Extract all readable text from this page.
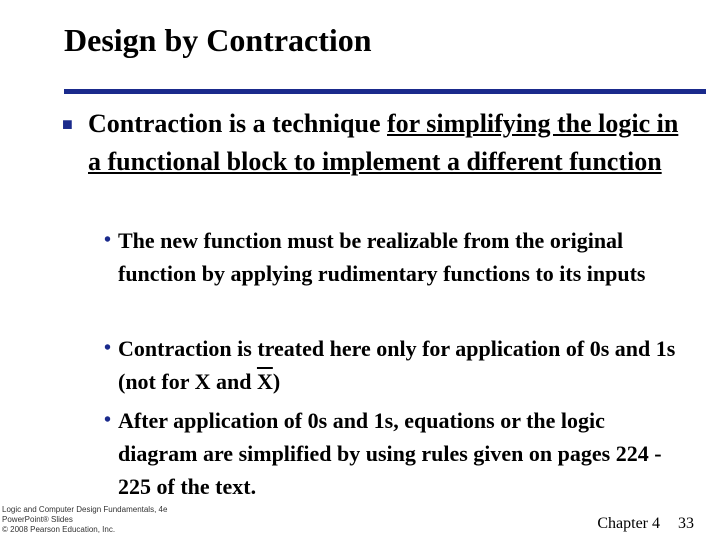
Design by Contraction
■ Contraction is a technique for simplifying the logic in a functional block to implement a different function
• The new function must be realizable from the original function by applying rudimentary functions to its inputs
• Contraction is treated here only for application of 0s and 1s (not for X and $\overline{X}$)
• After application of 0s and 1s, equations or the logic diagram are simplified by using rules given on pages 224 - 225 of the text.
Logic and Computer Design Fundamentals, 4e
PowerPoint® Slides
© 2008 Pearson Education, Inc.	Chapter 4 33
